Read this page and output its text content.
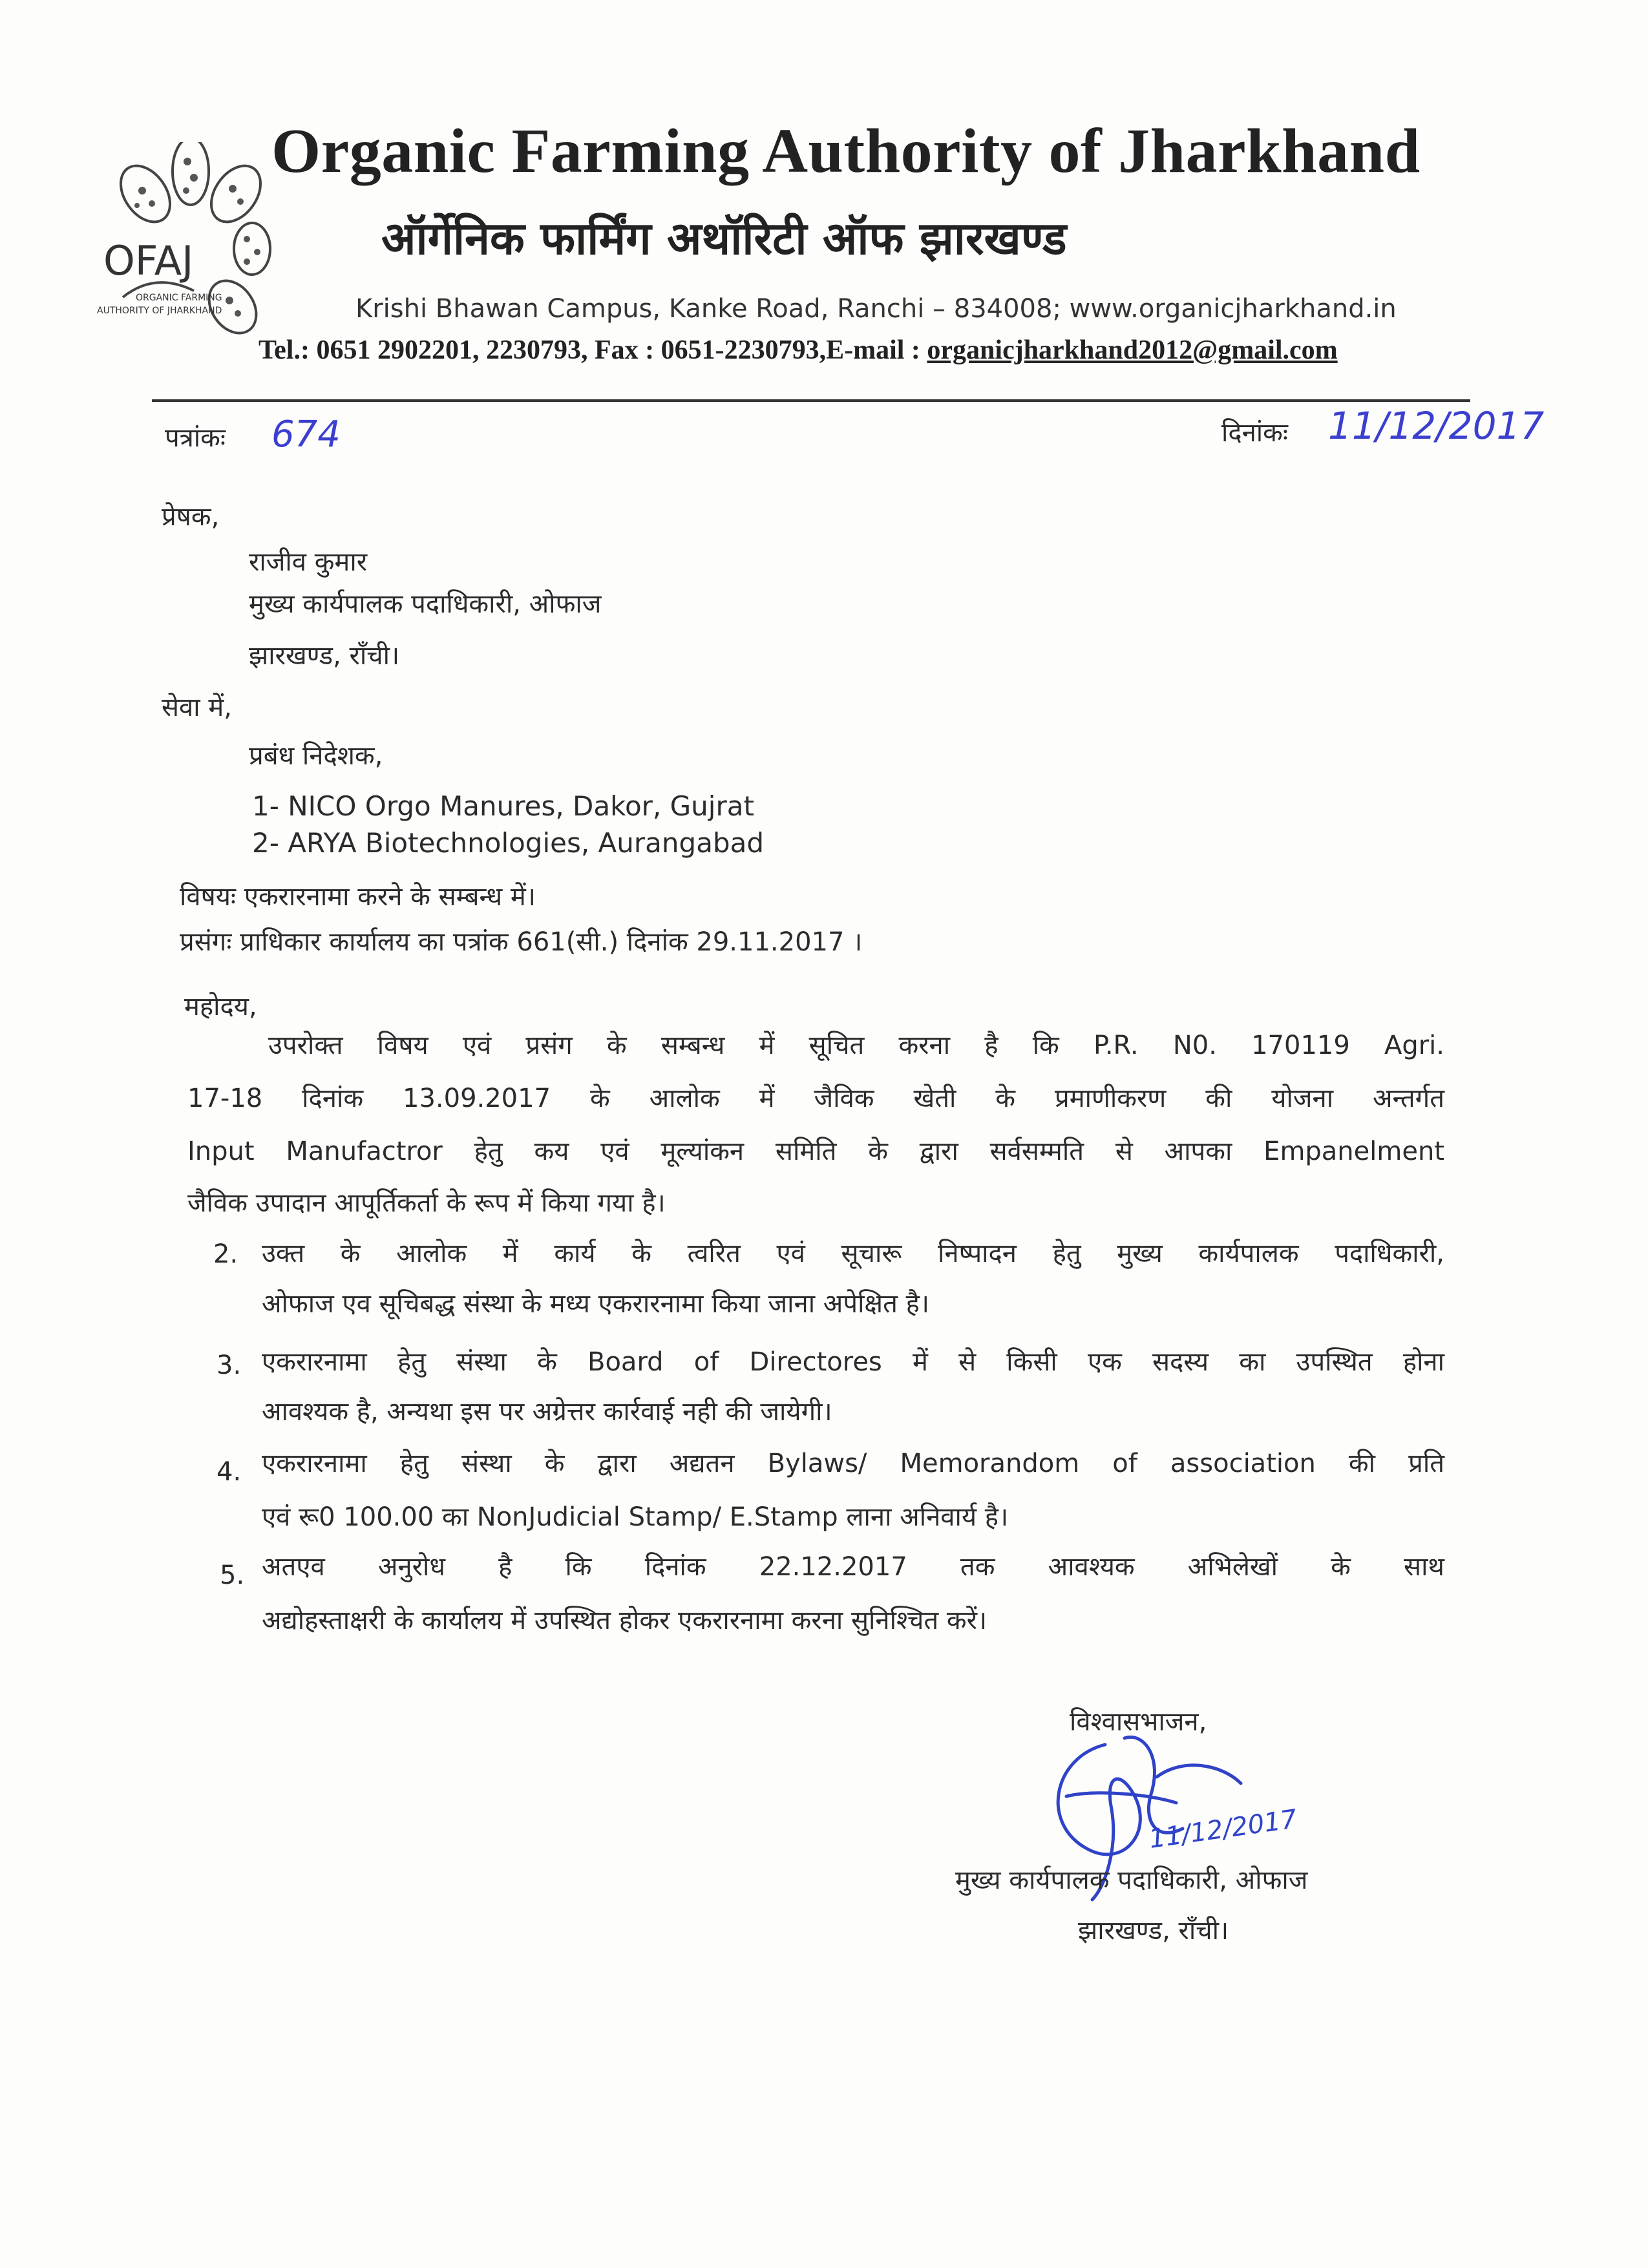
OFAJ
ORGANIC FARMING
AUTHORITY OF JHARKHAND
Organic Farming Authority of Jharkhand
ऑर्गेनिक फार्मिंग अथॉरिटी ऑफ झारखण्ड
Krishi Bhawan Campus, Kanke Road, Ranchi – 834008; www.organicjharkhand.in
Tel.: 0651 2902201, 2230793, Fax : 0651-2230793,E-mail : organicjharkhand2012@gmail.com
पत्रांकः 674	दिनांकः 11/12/2017
प्रेषक,
राजीव कुमार
मुख्य कार्यपालक पदाधिकारी, ओफाज
झारखण्ड, राँची।
सेवा में,
प्रबंध निदेशक,
1- NICO Orgo Manures, Dakor, Gujrat
2- ARYA Biotechnologies, Aurangabad
विषयः एकरारनामा करने के सम्बन्ध में।
प्रसंगः प्राधिकार कार्यालय का पत्रांक 661(सी.) दिनांक 29.11.2017 ।
महोदय,
उपरोक्त विषय एवं प्रसंग के सम्बन्ध में सूचित करना है कि P.R. N0. 170119 Agri.
17-18 दिनांक 13.09.2017 के आलोक में जैविक खेती के प्रमाणीकरण की योजना अन्तर्गत
Input Manufactror हेतु कय एवं मूल्यांकन समिति के द्वारा सर्वसम्मति से आपका Empanelment
जैविक उपादान आपूर्तिकर्ता के रूप में किया गया है।
2. उक्त के आलोक में कार्य के त्वरित एवं सूचारू निष्पादन हेतु मुख्य कार्यपालक पदाधिकारी,
ओफाज एव सूचिबद्ध संस्था के मध्य एकरारनामा किया जाना अपेक्षित है।
3. एकरारनामा हेतु संस्था के Board of Directores में से किसी एक सदस्य का उपस्थित होना
आवश्यक है, अन्यथा इस पर अग्रेत्तर कार्रवाई नही की जायेगी।
4. एकरारनामा हेतु संस्था के द्वारा अद्यतन Bylaws/ Memorandom of association की प्रति
एवं रू0 100.00 का NonJudicial Stamp/ E.Stamp लाना अनिवार्य है।
5. अतएव अनुरोध है कि दिनांक 22.12.2017 तक आवश्यक अभिलेखों के साथ
अद्योहस्ताक्षरी के कार्यालय में उपस्थित होकर एकरारनामा करना सुनिश्चित करें।
विश्वासभाजन,
11/12/2017
मुख्य कार्यपालक पदाधिकारी, ओफाज
झारखण्ड, राँची।
